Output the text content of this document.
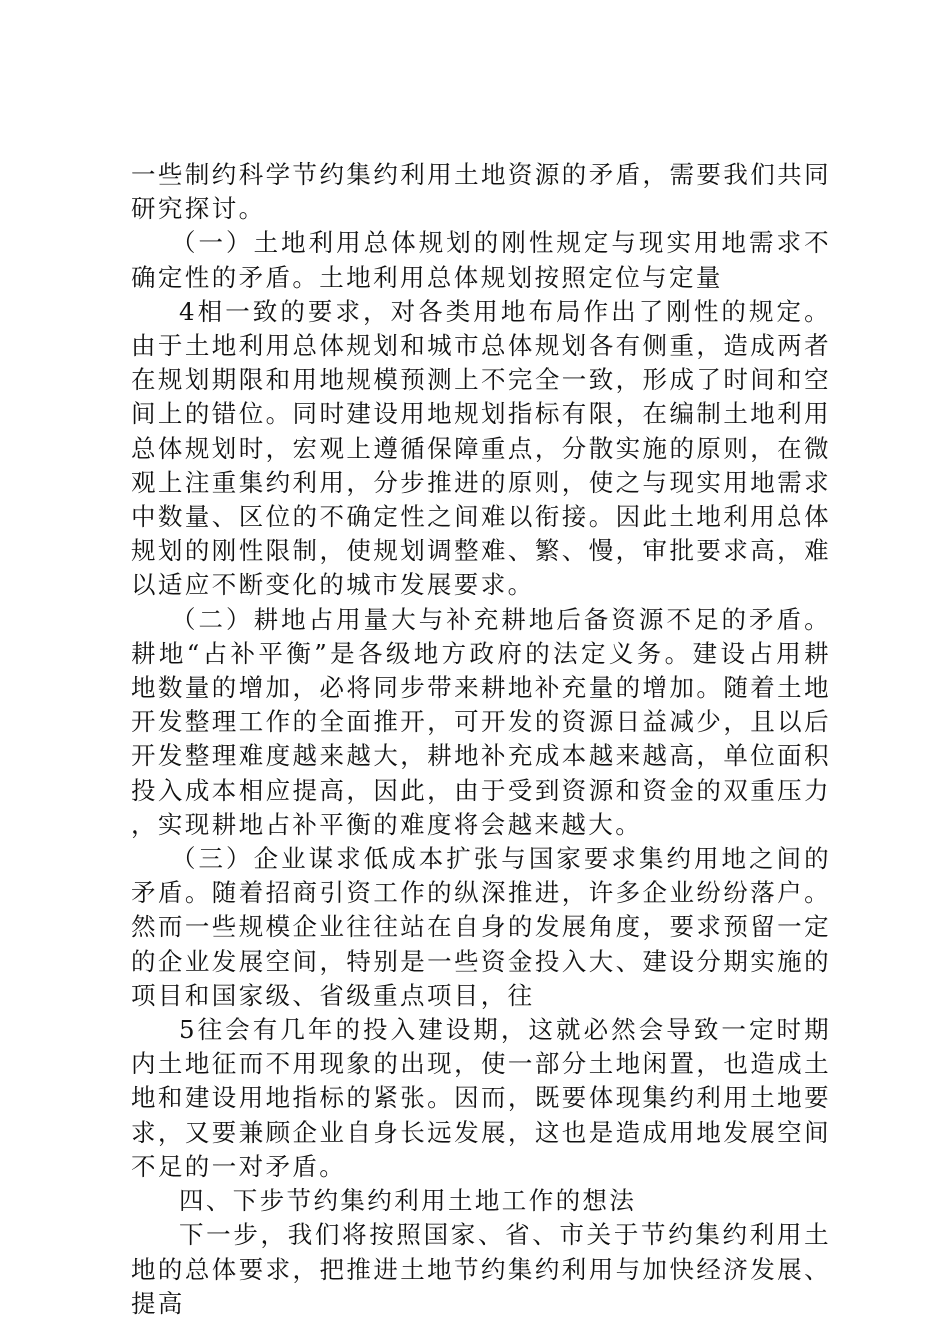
一些制约科学节约集约利用土地资源的矛盾，需要我们共同研究探讨。

（一）土地利用总体规划的刚性规定与现实用地需求不确定性的矛盾。土地利用总体规划按照定位与定量

4相一致的要求，对各类用地布局作出了刚性的规定。由于土地利用总体规划和城市总体规划各有侧重，造成两者在规划期限和用地规模预测上不完全一致，形成了时间和空间上的错位。同时建设用地规划指标有限，在编制土地利用总体规划时，宏观上遵循保障重点，分散实施的原则，在微观上注重集约利用，分步推进的原则，使之与现实用地需求中数量、区位的不确定性之间难以衔接。因此土地利用总体规划的刚性限制，使规划调整难、繁、慢，审批要求高，难以适应不断变化的城市发展要求。

（二）耕地占用量大与补充耕地后备资源不足的矛盾。耕地“占补平衡”是各级地方政府的法定义务。建设占用耕地数量的增加，必将同步带来耕地补充量的增加。随着土地开发整理工作的全面推开，可开发的资源日益减少，且以后开发整理难度越来越大，耕地补充成本越来越高，单位面积投入成本相应提高，因此，由于受到资源和资金的双重压力，实现耕地占补平衡的难度将会越来越大。

（三）企业谋求低成本扩张与国家要求集约用地之间的矛盾。随着招商引资工作的纵深推进，许多企业纷纷落户。然而一些规模企业往往站在自身的发展角度，要求预留一定的企业发展空间，特别是一些资金投入大、建设分期实施的项目和国家级、省级重点项目，往

5往会有几年的投入建设期，这就必然会导致一定时期内土地征而不用现象的出现，使一部分土地闲置，也造成土地和建设用地指标的紧张。因而，既要体现集约利用土地要求，又要兼顾企业自身长远发展，这也是造成用地发展空间不足的一对矛盾。

四、下步节约集约利用土地工作的想法

下一步，我们将按照国家、省、市关于节约集约利用土地的总体要求，把推进土地节约集约利用与加快经济发展、提高
